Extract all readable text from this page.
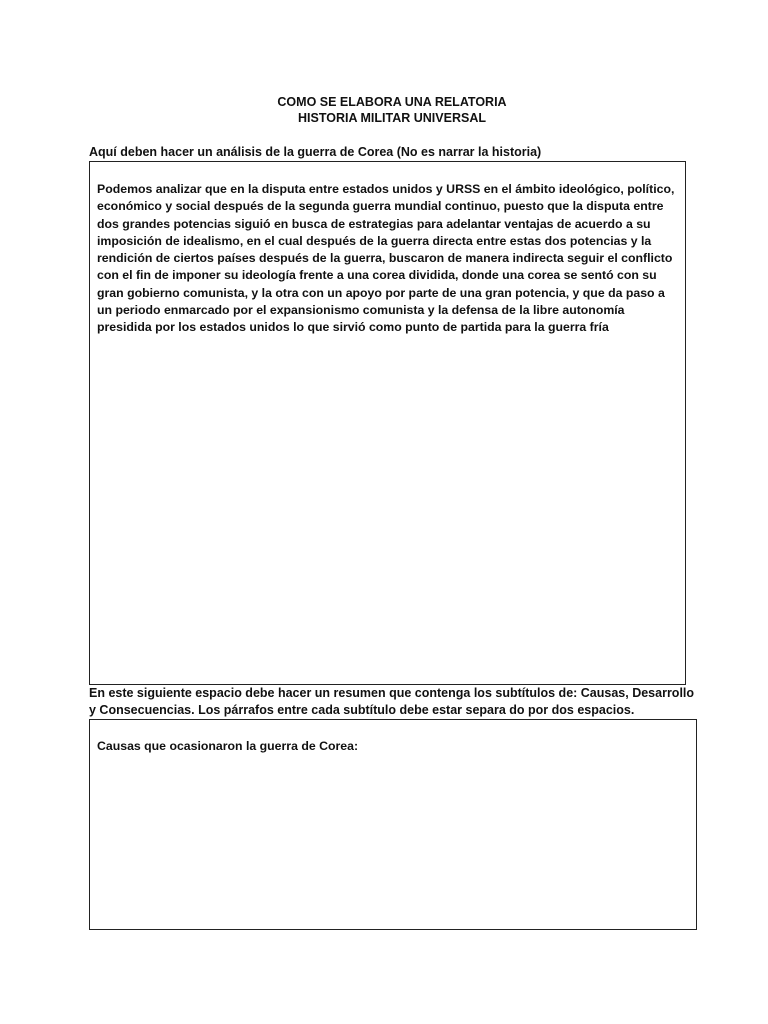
COMO SE ELABORA UNA RELATORIA
HISTORIA MILITAR UNIVERSAL
Aquí deben hacer un análisis de la guerra de Corea (No es narrar la historia)
Podemos analizar que en la disputa entre estados unidos y URSS en el ámbito ideológico, político, económico y social después de la segunda guerra mundial continuo, puesto que la disputa entre dos grandes potencias siguió en busca de estrategias para adelantar ventajas de acuerdo a su imposición de idealismo, en el cual después de la guerra directa entre estas dos potencias y la rendición de ciertos países después de la guerra, buscaron de manera indirecta seguir el conflicto con el fin de imponer su ideología frente a una corea dividida, donde una corea se sentó con su gran gobierno comunista, y la otra con un apoyo por parte de una gran potencia, y que da paso a un periodo enmarcado por el expansionismo comunista y la defensa de la libre autonomía presidida por los estados unidos lo que sirvió como punto de partida para la guerra fría
En este siguiente espacio debe hacer un resumen que contenga los subtítulos de: Causas, Desarrollo y Consecuencias. Los párrafos entre cada subtítulo debe estar separa do por dos espacios.
Causas que ocasionaron la guerra de Corea:
